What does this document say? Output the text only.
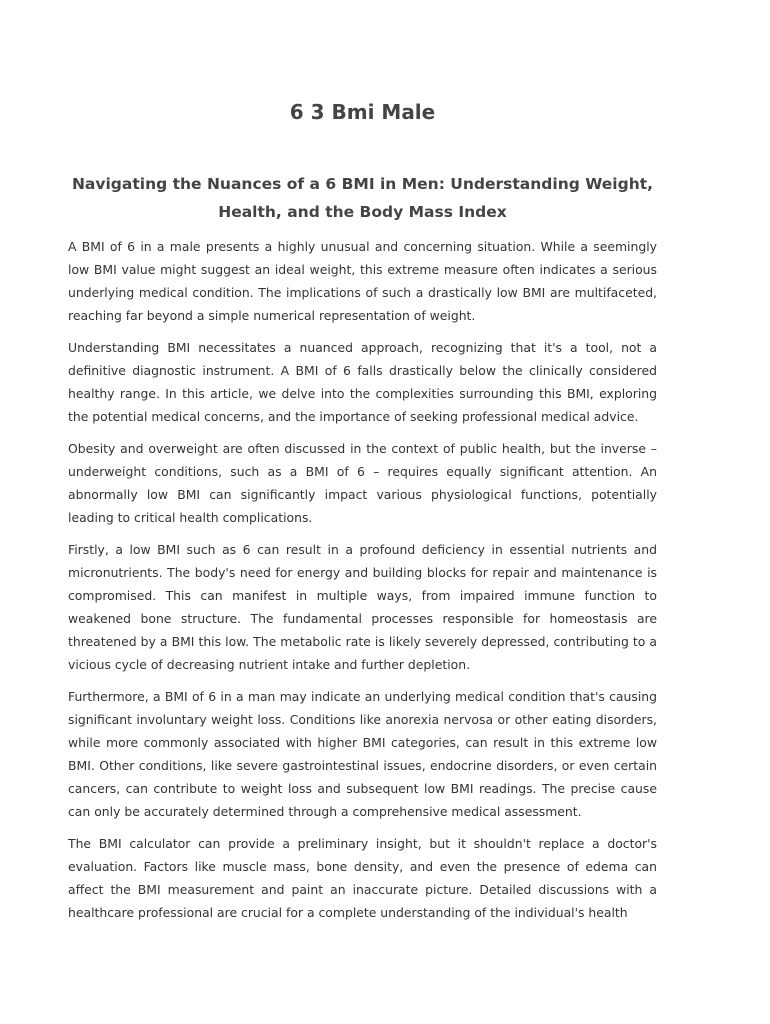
6 3 Bmi Male
Navigating the Nuances of a 6 BMI in Men: Understanding Weight, Health, and the Body Mass Index

A BMI of 6 in a male presents a highly unusual and concerning situation. While a seemingly low BMI value might suggest an ideal weight, this extreme measure often indicates a serious underlying medical condition. The implications of such a drastically low BMI are multifaceted, reaching far beyond a simple numerical representation of weight.

Understanding BMI necessitates a nuanced approach, recognizing that it's a tool, not a definitive diagnostic instrument. A BMI of 6 falls drastically below the clinically considered healthy range. In this article, we delve into the complexities surrounding this BMI, exploring the potential medical concerns, and the importance of seeking professional medical advice.

Obesity and overweight are often discussed in the context of public health, but the inverse – underweight conditions, such as a BMI of 6 – requires equally significant attention. An abnormally low BMI can significantly impact various physiological functions, potentially leading to critical health complications.

Firstly, a low BMI such as 6 can result in a profound deficiency in essential nutrients and micronutrients. The body's need for energy and building blocks for repair and maintenance is compromised. This can manifest in multiple ways, from impaired immune function to weakened bone structure. The fundamental processes responsible for homeostasis are threatened by a BMI this low. The metabolic rate is likely severely depressed, contributing to a vicious cycle of decreasing nutrient intake and further depletion.

Furthermore, a BMI of 6 in a man may indicate an underlying medical condition that's causing significant involuntary weight loss. Conditions like anorexia nervosa or other eating disorders, while more commonly associated with higher BMI categories, can result in this extreme low BMI. Other conditions, like severe gastrointestinal issues, endocrine disorders, or even certain cancers, can contribute to weight loss and subsequent low BMI readings. The precise cause can only be accurately determined through a comprehensive medical assessment.

The BMI calculator can provide a preliminary insight, but it shouldn't replace a doctor's evaluation. Factors like muscle mass, bone density, and even the presence of edema can affect the BMI measurement and paint an inaccurate picture. Detailed discussions with a healthcare professional are crucial for a complete understanding of the individual's health
